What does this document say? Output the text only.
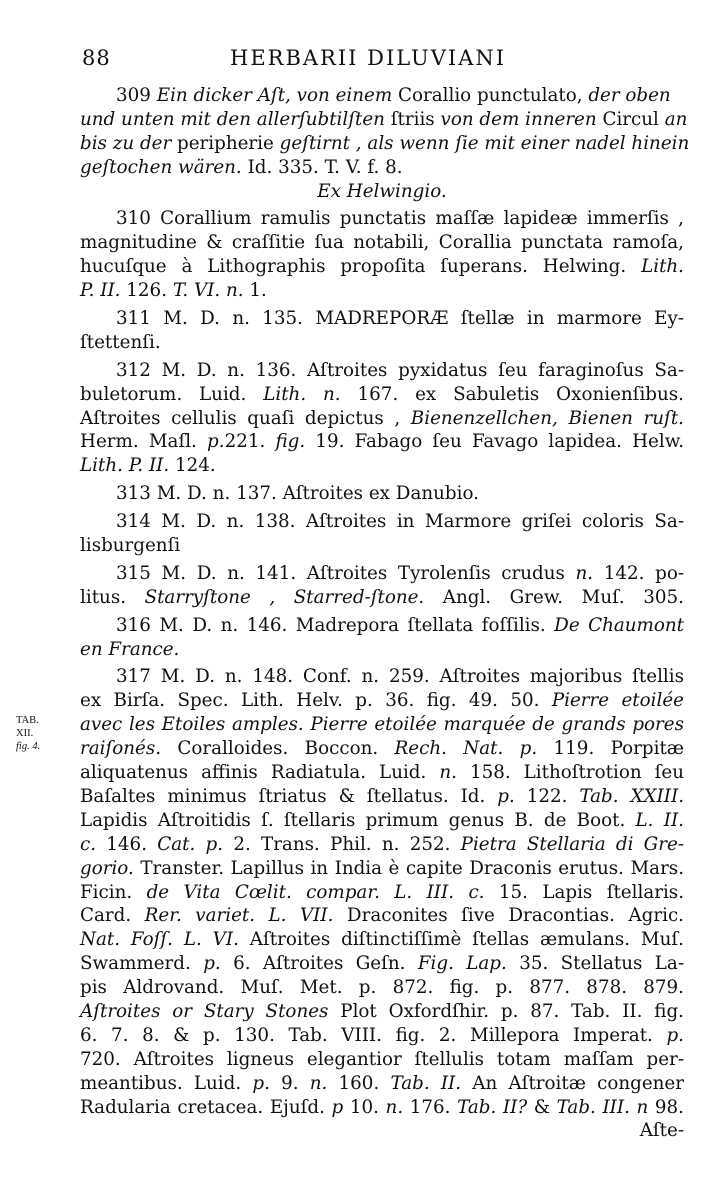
88	HERBARII DILUVIANI
TAB.
XII.
fig. 4.
309 Ein dicker Aſt, von einem Corallio punctulato, der oben
und unten mit den allerſubtilſten ſtriis von dem inneren Circul an
bis zu der peripherie geſtirnt , als wenn ſie mit einer nadel hinein
geſtochen wären. Id. 335. T. V. f. 8.
Ex Helwingio.
310 Corallium ramulis punctatis maſſæ lapideæ immerſis ,
magnitudine & craſſitie ſua notabili, Corallia punctata ramoſa,
hucuſque à Lithographis propoſita ſuperans. Helwing. Lith.
P. II. 126. T. VI. n. 1.
311 M. D. n. 135. MADREPORÆ ſtellæ in marmore Ey-
ſtettenſi.
312 M. D. n. 136. Aſtroites pyxidatus ſeu faraginoſus Sa-
buletorum. Luid. Lith. n. 167. ex Sabuletis Oxonienſibus.
Aſtroites cellulis quaſi depictus , Bienenzellchen, Bienen ruſt.
Herm. Maſl. p.221. fig. 19. Fabago ſeu Favago lapidea. Helw.
Lith. P. II. 124.
313 M. D. n. 137. Aſtroites ex Danubio.
314 M. D. n. 138. Aſtroites in Marmore griſei coloris Sa-
lisburgenſi
315 M. D. n. 141. Aſtroites Tyrolenſis crudus n. 142. po-
litus. Starryſtone , Starred-ſtone. Angl. Grew. Muſ. 305.
316 M. D. n. 146. Madrepora ſtellata foſſilis. De Chaumont
en France.
317 M. D. n. 148. Conf. n. 259. Aſtroites majoribus ſtellis
ex Birſa. Spec. Lith. Helv. p. 36. fig. 49. 50. Pierre etoilée
avec les Etoiles amples. Pierre etoilée marquée de grands pores
raiſonés. Coralloides. Boccon. Rech. Nat. p. 119. Porpitæ
aliquatenus affinis Radiatula. Luid. n. 158. Lithoſtrotion ſeu
Baſaltes minimus ſtriatus & ſtellatus. Id. p. 122. Tab. XXIII.
Lapidis Aſtroitidis ſ. ſtellaris primum genus B. de Boot. L. II.
c. 146. Cat. p. 2. Trans. Phil. n. 252. Pietra Stellaria di Gre-
gorio. Transter. Lapillus in India è capite Draconis erutus. Mars.
Ficin. de Vita Cœlit. compar. L. III. c. 15. Lapis ſtellaris.
Card. Rer. variet. L. VII. Draconites ſive Dracontias. Agric.
Nat. Foſſ. L. VI. Aſtroites diſtinctiſſimè ſtellas æmulans. Muſ.
Swammerd. p. 6. Aſtroites Geſn. Fig. Lap. 35. Stellatus La-
pis Aldrovand. Muſ. Met. p. 872. fig. p. 877. 878. 879.
Aſtroites or Stary Stones Plot Oxfordſhir. p. 87. Tab. II. fig.
6. 7. 8. & p. 130. Tab. VIII. fig. 2. Millepora Imperat. p.
720. Aſtroites ligneus elegantior ſtellulis totam maſſam per-
meantibus. Luid. p. 9. n. 160. Tab. II. An Aſtroitæ congener
Radularia cretacea. Ejuſd. p 10. n. 176. Tab. II? & Tab. III. n 98.
Aſte-
